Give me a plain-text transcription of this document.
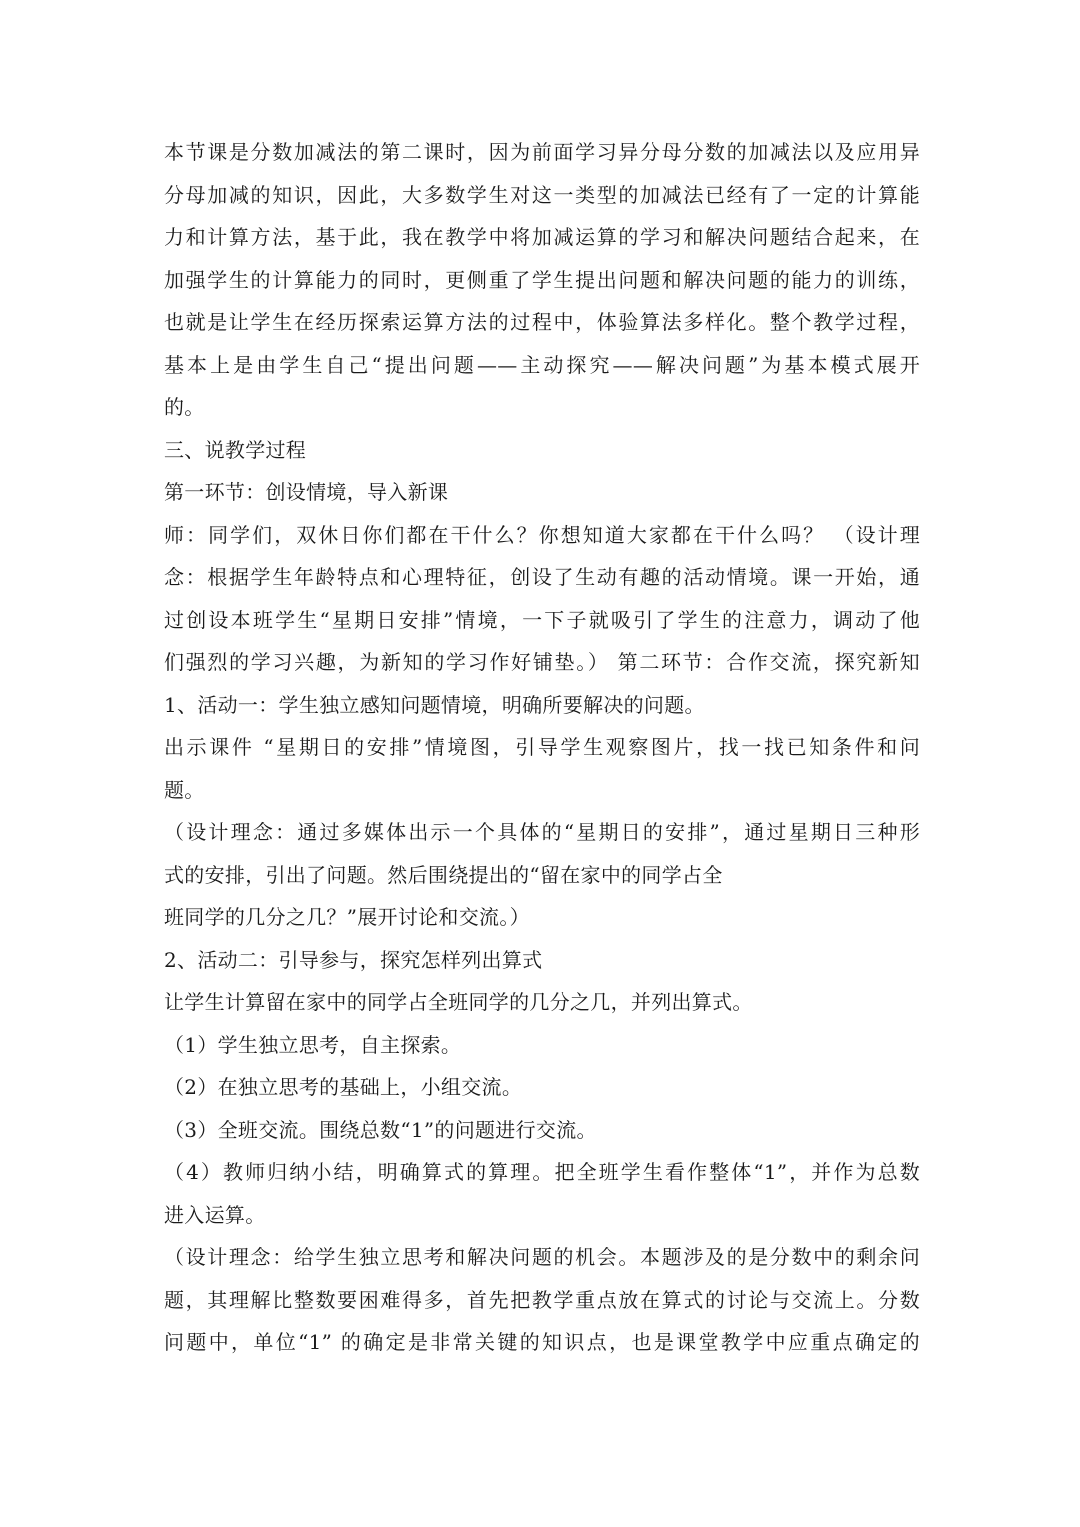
本节课是分数加减法的第二课时，因为前面学习异分母分数的加减法以及应用异
分母加减的知识，因此，大多数学生对这一类型的加减法已经有了一定的计算能
力和计算方法，基于此，我在教学中将加减运算的学习和解决问题结合起来，在
加强学生的计算能力的同时，更侧重了学生提出问题和解决问题的能力的训练，
也就是让学生在经历探索运算方法的过程中，体验算法多样化。整个教学过程，
基本上是由学生自己“提出问题——主动探究——解决问题”为基本模式展开
的。
三、说教学过程
第一环节：创设情境，导入新课
师：同学们，双休日你们都在干什么？你想知道大家都在干什么吗？ （设计理
念：根据学生年龄特点和心理特征，创设了生动有趣的活动情境。课一开始，通
过创设本班学生“星期日安排”情境，一下子就吸引了学生的注意力，调动了他
们强烈的学习兴趣，为新知的学习作好铺垫。） 第二环节：合作交流，探究新知
1、活动一：学生独立感知问题情境，明确所要解决的问题。
出示课件 “星期日的安排”情境图，引导学生观察图片，找一找已知条件和问
题。
（设计理念：通过多媒体出示一个具体的“星期日的安排”，通过星期日三种形
式的安排，引出了问题。然后围绕提出的“留在家中的同学占全
班同学的几分之几？”展开讨论和交流。）
2、活动二：引导参与，探究怎样列出算式
让学生计算留在家中的同学占全班同学的几分之几，并列出算式。
（1）学生独立思考，自主探索。
（2）在独立思考的基础上，小组交流。
（3）全班交流。围绕总数“1”的问题进行交流。
（4）教师归纳小结，明确算式的算理。把全班学生看作整体“1”，并作为总数
进入运算。
（设计理念：给学生独立思考和解决问题的机会。本题涉及的是分数中的剩余问
题，其理解比整数要困难得多，首先把教学重点放在算式的讨论与交流上。分数
问题中，单位“1” 的确定是非常关键的知识点，也是课堂教学中应重点确定的
